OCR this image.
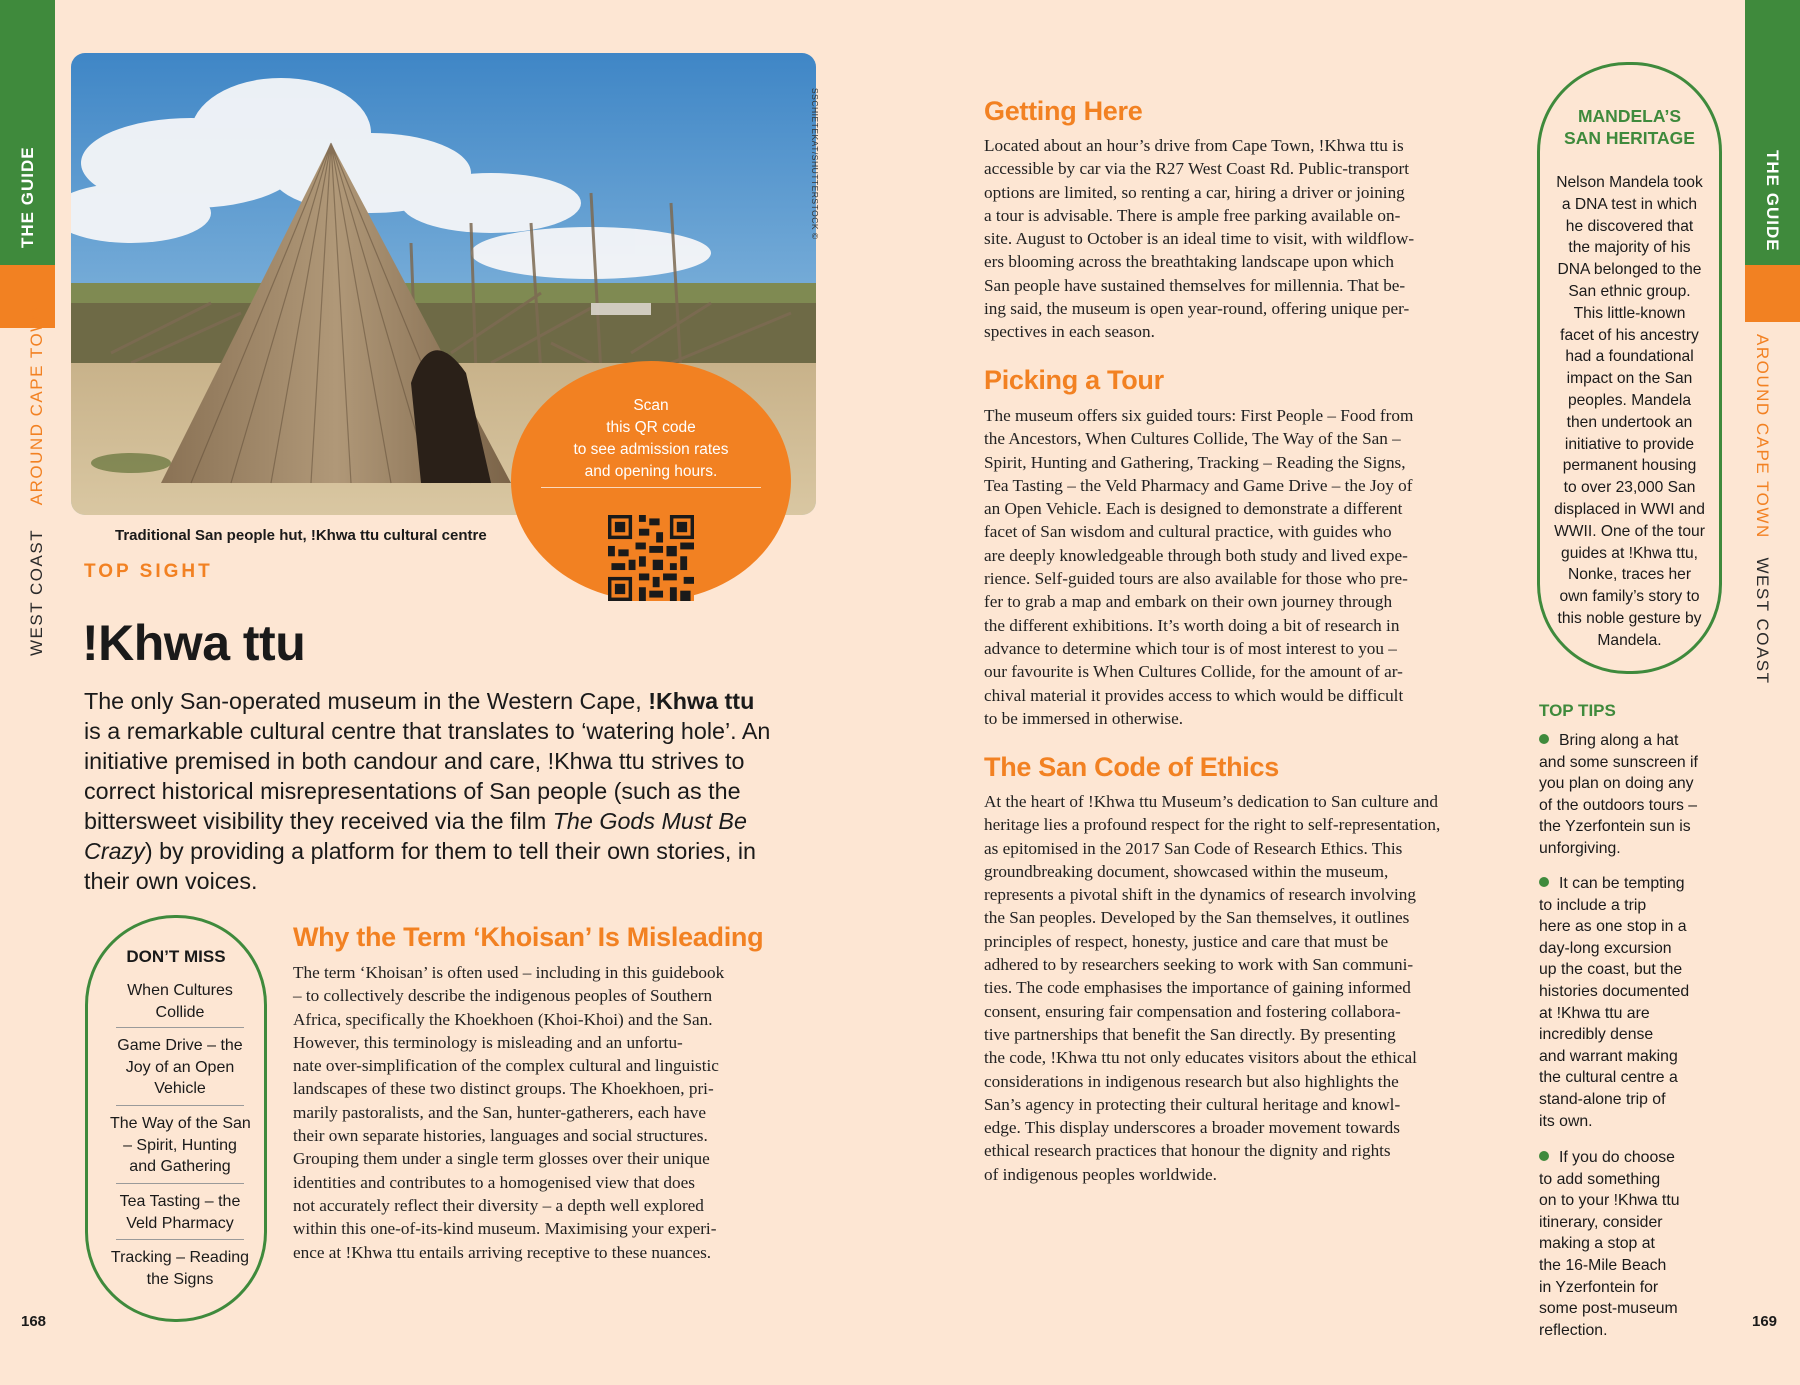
THE GUIDE
WEST COAST    AROUND CAPE TOWN
168
THE GUIDE
AROUND CAPE TOWN   WEST COAST
169
SSCHIETEKAT/SHUTTERSTOCK ©
Traditional San people hut, !Khwa ttu cultural centre
Scan
this QR code
to see admission rates
and opening hours.
TOP SIGHT
!Khwa ttu
The only San-operated museum in the Western Cape, !Khwa ttu
is a remarkable cultural centre that translates to ‘watering hole’. An
initiative premised in both candour and care, !Khwa ttu strives to
correct historical misrepresentations of San people (such as the
bittersweet visibility they received via the film The Gods Must Be
Crazy) by providing a platform for them to tell their own stories, in
their own voices.
DON’T MISS
When Cultures
Collide
Game Drive – the
Joy of an Open
Vehicle
The Way of the San
– Spirit, Hunting
and Gathering
Tea Tasting – the
Veld Pharmacy
Tracking – Reading
the Signs
Why the Term ‘Khoisan’ Is Misleading
The term ‘Khoisan’ is often used – including in this guidebook
– to collectively describe the indigenous peoples of Southern
Africa, specifically the Khoekhoen (Khoi-Khoi) and the San.
However, this terminology is misleading and an unfortu-
nate over-simplification of the complex cultural and linguistic
landscapes of these two distinct groups. The Khoekhoen, pri-
marily pastoralists, and the San, hunter-gatherers, each have
their own separate histories, languages and social structures.
Grouping them under a single term glosses over their unique
identities and contributes to a homogenised view that does
not accurately reflect their diversity – a depth well explored
within this one-of-its-kind museum. Maximising your experi-
ence at !Khwa ttu entails arriving receptive to these nuances.
Getting Here
Located about an hour’s drive from Cape Town, !Khwa ttu is
accessible by car via the R27 West Coast Rd. Public-transport
options are limited, so renting a car, hiring a driver or joining
a tour is advisable. There is ample free parking available on-
site. August to October is an ideal time to visit, with wildflow-
ers blooming across the breathtaking landscape upon which
San people have sustained themselves for millennia. That be-
ing said, the museum is open year-round, offering unique per-
spectives in each season.
Picking a Tour
The museum offers six guided tours: First People – Food from
the Ancestors, When Cultures Collide, The Way of the San –
Spirit, Hunting and Gathering, Tracking – Reading the Signs,
Tea Tasting – the Veld Pharmacy and Game Drive – the Joy of
an Open Vehicle. Each is designed to demonstrate a different
facet of San wisdom and cultural practice, with guides who
are deeply knowledgeable through both study and lived expe-
rience. Self-guided tours are also available for those who pre-
fer to grab a map and embark on their own journey through
the different exhibitions. It’s worth doing a bit of research in
advance to determine which tour is of most interest to you –
our favourite is When Cultures Collide, for the amount of ar-
chival material it provides access to which would be difficult
to be immersed in otherwise.
The San Code of Ethics
At the heart of !Khwa ttu Museum’s dedication to San culture and
heritage lies a profound respect for the right to self-representation,
as epitomised in the 2017 San Code of Research Ethics. This
groundbreaking document, showcased within the museum,
represents a pivotal shift in the dynamics of research involving
the San peoples. Developed by the San themselves, it outlines
principles of respect, honesty, justice and care that must be
adhered to by researchers seeking to work with San communi-
ties. The code emphasises the importance of gaining informed
consent, ensuring fair compensation and fostering collabora-
tive partnerships that benefit the San directly. By presenting
the code, !Khwa ttu not only educates visitors about the ethical
considerations in indigenous research but also highlights the
San’s agency in protecting their cultural heritage and knowl-
edge. This display underscores a broader movement towards
ethical research practices that honour the dignity and rights
of indigenous peoples worldwide.
MANDELA’S
SAN HERITAGE
Nelson Mandela took
a DNA test in which
he discovered that
the majority of his
DNA belonged to the
San ethnic group.
This little-known
facet of his ancestry
had a foundational
impact on the San
peoples. Mandela
then undertook an
initiative to provide
permanent housing
to over 23,000 San
displaced in WWI and
WWII. One of the tour
guides at !Khwa ttu,
Nonke, traces her
own family’s story to
this noble gesture by
Mandela.
TOP TIPS
Bring along a hat
and some sunscreen if
you plan on doing any
of the outdoors tours –
the Yzerfontein sun is
unforgiving.
It can be tempting
to include a trip
here as one stop in a
day-long excursion
up the coast, but the
histories documented
at !Khwa ttu are
incredibly dense
and warrant making
the cultural centre a
stand-alone trip of
its own.
If you do choose
to add something
on to your !Khwa ttu
itinerary, consider
making a stop at
the 16-Mile Beach
in Yzerfontein for
some post-museum
reflection.
